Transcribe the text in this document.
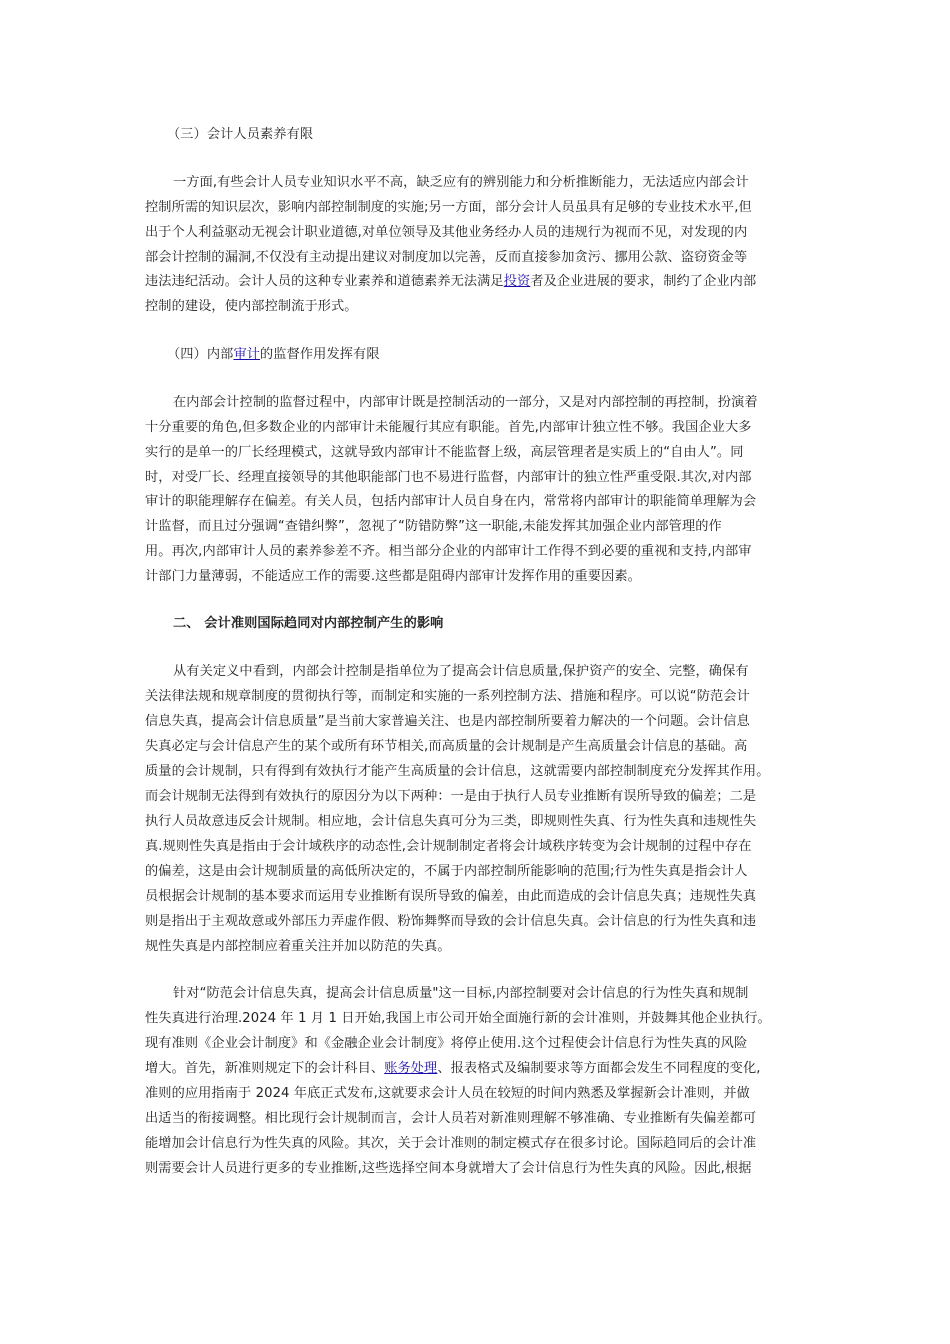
（三）会计人员素养有限
一方面,有些会计人员专业知识水平不高，缺乏应有的辨别能力和分析推断能力，无法适应内部会计
控制所需的知识层次，影响内部控制制度的实施;另一方面，部分会计人员虽具有足够的专业技术水平,但
出于个人利益驱动无视会计职业道德,对单位领导及其他业务经办人员的违规行为视而不见，对发现的内
部会计控制的漏洞,不仅没有主动提出建议对制度加以完善，反而直接参加贪污、挪用公款、盗窃资金等
违法违纪活动。会计人员的这种专业素养和道德素养无法满足投资者及企业进展的要求，制约了企业内部
控制的建设，使内部控制流于形式。
（四）内部审计的监督作用发挥有限
在内部会计控制的监督过程中，内部审计既是控制活动的一部分，又是对内部控制的再控制，扮演着
十分重要的角色,但多数企业的内部审计未能履行其应有职能。首先,内部审计独立性不够。我国企业大多
实行的是单一的厂长经理模式，这就导致内部审计不能监督上级，高层管理者是实质上的“自由人”。同
时，对受厂长、经理直接领导的其他职能部门也不易进行监督，内部审计的独立性严重受限.其次,对内部
审计的职能理解存在偏差。有关人员，包括内部审计人员自身在内，常常将内部审计的职能简单理解为会
计监督，而且过分强调“查错纠弊”，忽视了“防错防弊”这一职能,未能发挥其加强企业内部管理的作
用。再次,内部审计人员的素养参差不齐。相当部分企业的内部审计工作得不到必要的重视和支持,内部审
计部门力量薄弱，不能适应工作的需要.这些都是阻碍内部审计发挥作用的重要因素。
二、 会计准则国际趋同对内部控制产生的影响
从有关定义中看到，内部会计控制是指单位为了提高会计信息质量,保护资产的安全、完整，确保有
关法律法规和规章制度的贯彻执行等，而制定和实施的一系列控制方法、措施和程序。可以说“防范会计
信息失真，提高会计信息质量”是当前大家普遍关注、也是内部控制所要着力解决的一个问题。会计信息
失真必定与会计信息产生的某个或所有环节相关,而高质量的会计规制是产生高质量会计信息的基础。高
质量的会计规制，只有得到有效执行才能产生高质量的会计信息，这就需要内部控制制度充分发挥其作用。
而会计规制无法得到有效执行的原因分为以下两种：一是由于执行人员专业推断有误所导致的偏差；二是
执行人员故意违反会计规制。相应地，会计信息失真可分为三类，即规则性失真、行为性失真和违规性失
真.规则性失真是指由于会计域秩序的动态性,会计规制制定者将会计域秩序转变为会计规制的过程中存在
的偏差，这是由会计规制质量的高低所决定的，不属于内部控制所能影响的范围;行为性失真是指会计人
员根据会计规制的基本要求而运用专业推断有误所导致的偏差，由此而造成的会计信息失真；违规性失真
则是指出于主观故意或外部压力弄虚作假、粉饰舞弊而导致的会计信息失真。会计信息的行为性失真和违
规性失真是内部控制应着重关注并加以防范的失真。
针对“防范会计信息失真，提高会计信息质量"这一目标,内部控制要对会计信息的行为性失真和规制
性失真进行治理.2024 年 1 月 1 日开始,我国上市公司开始全面施行新的会计准则，并鼓舞其他企业执行。
现有准则《企业会计制度》和《金融企业会计制度》将停止使用.这个过程使会计信息行为性失真的风险
增大。首先，新准则规定下的会计科目、账务处理、报表格式及编制要求等方面都会发生不同程度的变化,
准则的应用指南于 2024 年底正式发布,这就要求会计人员在较短的时间内熟悉及掌握新会计准则，并做
出适当的衔接调整。相比现行会计规制而言，会计人员若对新准则理解不够准确、专业推断有失偏差都可
能增加会计信息行为性失真的风险。其次，关于会计准则的制定模式存在很多讨论。国际趋同后的会计准
则需要会计人员进行更多的专业推断,这些选择空间本身就增大了会计信息行为性失真的风险。因此,根据
